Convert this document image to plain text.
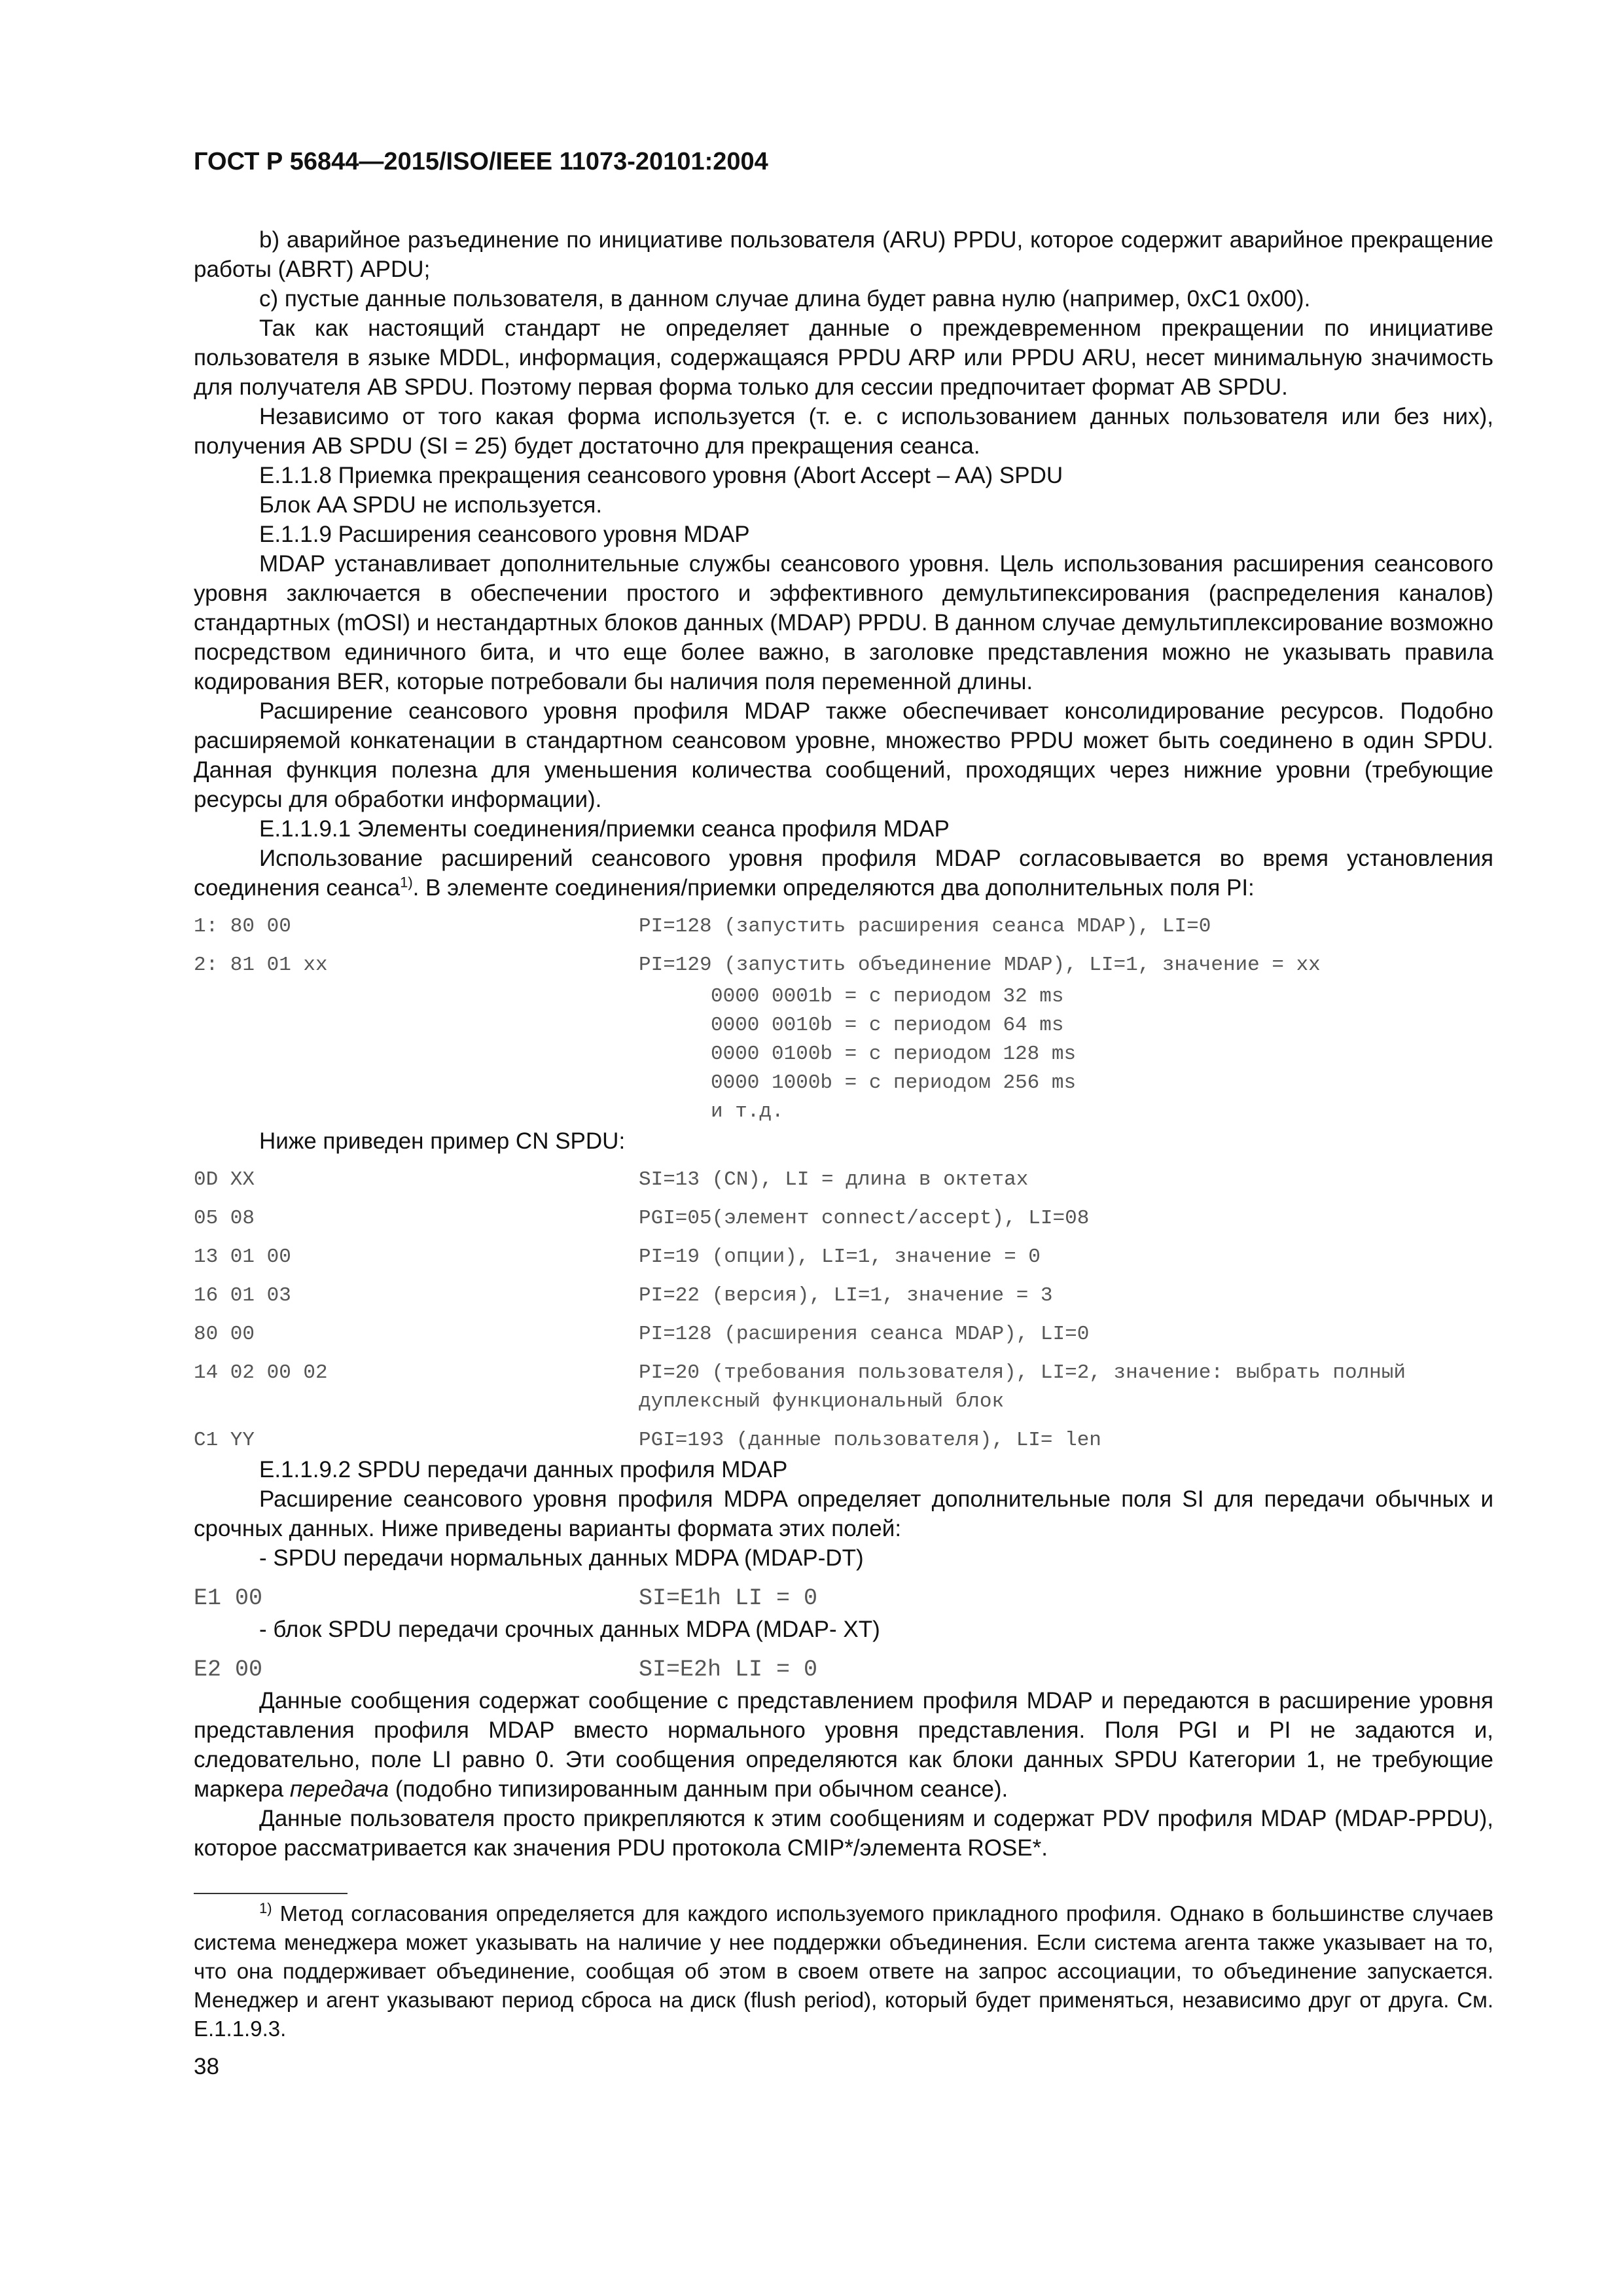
ГОСТ Р 56844—2015/ISO/IEEE 11073-20101:2004

b) аварийное разъединение по инициативе пользователя (ARU) PPDU, которое содержит аварийное прекращение работы (ABRT) APDU;

c) пустые данные пользователя, в данном случае длина будет равна нулю (например, 0xC1 0x00).

Так как настоящий стандарт не определяет данные о преждевременном прекращении по инициативе пользователя в языке MDDL, информация, содержащаяся PPDU ARP или PPDU ARU, несет минимальную значимость для получателя AB SPDU. Поэтому первая форма только для сессии предпочитает формат AB SPDU.

Независимо от того какая форма используется (т. е. с использованием данных пользователя или без них), получения AB SPDU (SI = 25) будет достаточно для прекращения сеанса.

E.1.1.8 Приемка прекращения сеансового уровня (Abort Accept – AA) SPDU

Блок AA SPDU не используется.

E.1.1.9 Расширения сеансового уровня MDAP

MDAP устанавливает дополнительные службы сеансового уровня. Цель использования расширения сеансового уровня заключается в обеспечении простого и эффективного демультипексирования (распределения каналов) стандартных (mOSI) и нестандартных блоков данных (MDAP) PPDU. В данном случае демультиплексирование возможно посредством единичного бита, и что еще более важно, в заголовке представления можно не указывать правила кодирования BER, которые потребовали бы наличия поля переменной длины.

Расширение сеансового уровня профиля MDAP также обеспечивает консолидирование ресурсов. Подобно расширяемой конкатенации в стандартном сеансовом уровне, множество PPDU может быть соединено в один SPDU. Данная функция полезна для уменьшения количества сообщений, проходящих через нижние уровни (требующие ресурсы для обработки информации).

E.1.1.9.1 Элементы соединения/приемки сеанса профиля MDAP

Использование расширений сеансового уровня профиля MDAP согласовывается во время установления соединения сеанса$^{1)}$. В элементе соединения/приемки определяются два дополнительных поля PI:

1: 80 00	PI=128 (запустить расширения сеанса MDAP), LI=0
2: 81 01 xx	PI=129 (запустить объединение MDAP), LI=1, значение = xx
0000 0001b = с периодом 32 ms
0000 0010b = с периодом 64 ms
0000 0100b = с периодом 128 ms
0000 1000b = с периодом 256 ms
и т.д.

Ниже приведен пример CN SPDU:

0D XX	SI=13 (CN), LI = длина в октетах
05 08	PGI=05(элемент connect/accept), LI=08
13 01 00	PI=19 (опции), LI=1, значение = 0
16 01 03	PI=22 (версия), LI=1, значение = 3
80 00	PI=128 (расширения сеанса MDAP), LI=0
14 02 00 02	PI=20 (требования пользователя), LI=2, значение: выбрать полный дуплексный функциональный блок
C1 YY	PGI=193 (данные пользователя), LI= len

E.1.1.9.2 SPDU передачи данных профиля MDAP

Расширение сеансового уровня профиля MDPA определяет дополнительные поля SI для передачи обычных и срочных данных. Ниже приведены варианты формата этих полей:

- SPDU передачи нормальных данных MDPA (MDAP-DT)

E1 00	SI=E1h LI = 0

- блок SPDU передачи срочных данных MDPA (MDAP- XT)

E2 00	SI=E2h LI = 0

Данные сообщения содержат сообщение с представлением профиля MDAP и передаются в расширение уровня представления профиля MDAP вместо нормального уровня представления. Поля PGI и PI не задаются и, следовательно, поле LI равно 0. Эти сообщения определяются как блоки данных SPDU Категории 1, не требующие маркера передача (подобно типизированным данным при обычном сеансе).

Данные пользователя просто прикрепляются к этим сообщениям и содержат PDV профиля MDAP (MDAP-PPDU), которое рассматривается как значения PDU протокола CMIP*/элемента ROSE*.

$^{1)}$ Метод согласования определяется для каждого используемого прикладного профиля. Однако в большинстве случаев система менеджера может указывать на наличие у нее поддержки объединения. Если система агента также указывает на то, что она поддерживает объединение, сообщая об этом в своем ответе на запрос ассоциации, то объединение запускается. Менеджер и агент указывают период сброса на диск (flush period), который будет применяться, независимо друг от друга. См. E.1.1.9.3.

38
